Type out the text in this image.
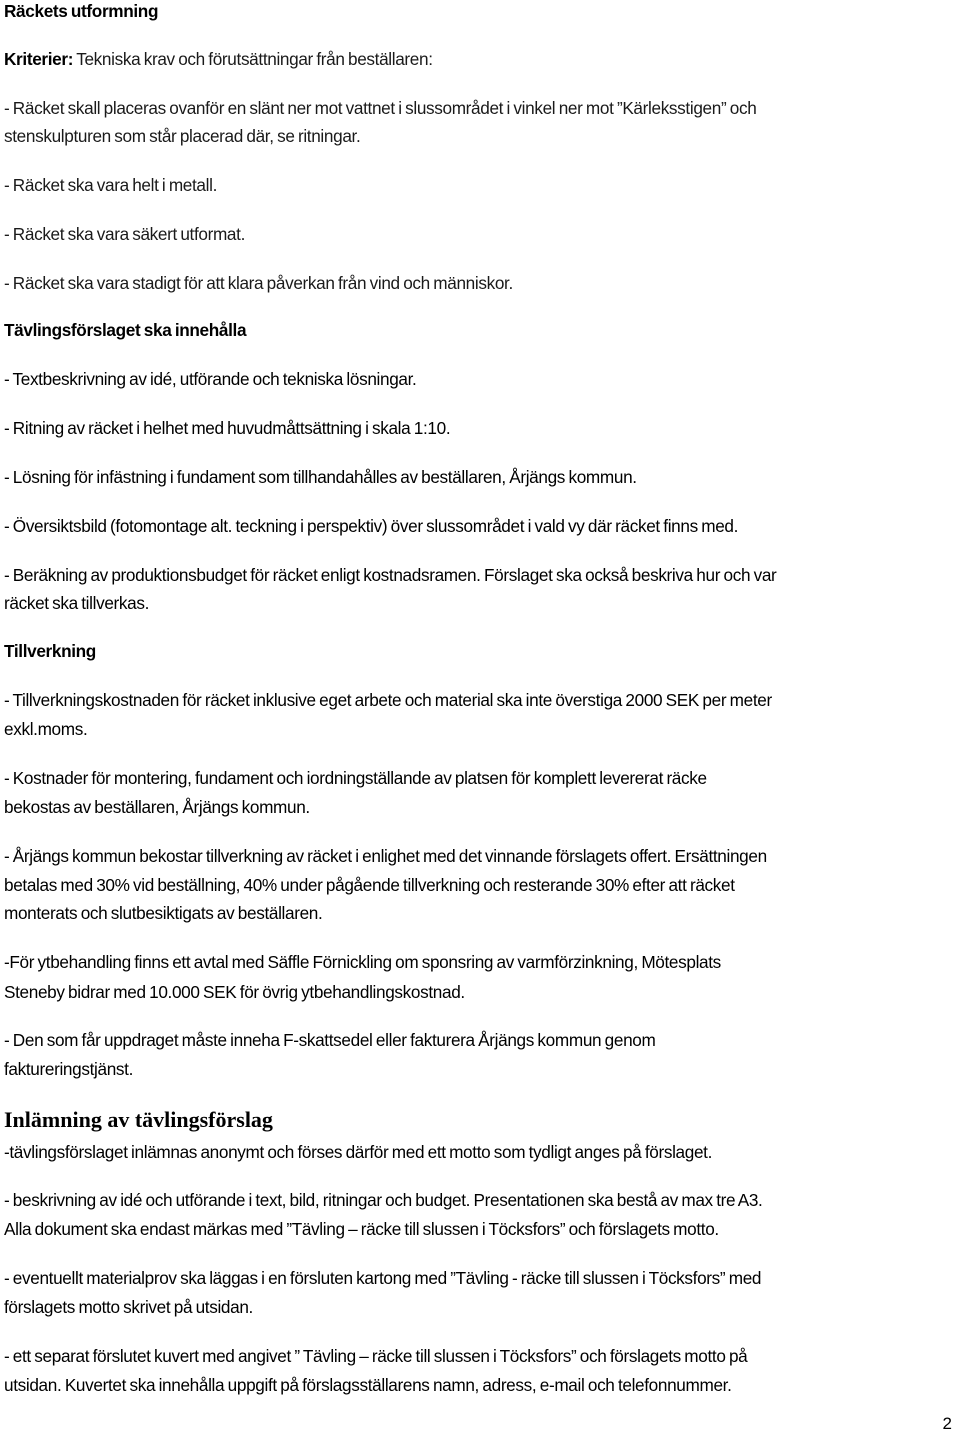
Räckets utformning
Kriterier: Tekniska krav och förutsättningar från beställaren:
- Räcket skall placeras ovanför en slänt ner mot vattnet i slussområdet i vinkel ner mot ”Kärleksstigen” och
stenskulpturen som står placerad där, se ritningar.
- Räcket ska vara helt i metall.
- Räcket ska vara säkert utformat.
- Räcket ska vara stadigt för att klara påverkan från vind och människor.
Tävlingsförslaget ska innehålla
- Textbeskrivning av idé, utförande och tekniska lösningar.
- Ritning av räcket i helhet med huvudmåttsättning i skala 1:10.
- Lösning för infästning i fundament som tillhandahålles av beställaren, Årjängs kommun.
- Översiktsbild (fotomontage alt. teckning i perspektiv) över slussområdet i vald vy där räcket finns med.
- Beräkning av produktionsbudget för räcket enligt kostnadsramen. Förslaget ska också beskriva hur och var
räcket ska tillverkas.
Tillverkning
- Tillverkningskostnaden för räcket inklusive eget arbete och material ska inte överstiga 2000 SEK per meter
exkl.moms.
- Kostnader för montering, fundament och iordningställande av platsen för komplett levererat räcke
bekostas av beställaren, Årjängs kommun.
- Årjängs kommun bekostar tillverkning av räcket i enlighet med det vinnande förslagets offert. Ersättningen
betalas med 30% vid beställning, 40% under pågående tillverkning och resterande 30% efter att räcket
monterats och slutbesiktigats av beställaren.
-För ytbehandling finns ett avtal med Säffle Förnickling om sponsring av varmförzinkning, Mötesplats
Steneby bidrar med 10.000 SEK för övrig ytbehandlingskostnad.
- Den som får uppdraget måste inneha F-skattsedel eller fakturera Årjängs kommun genom
faktureringstjänst.
Inlämning av tävlingsförslag
-tävlingsförslaget inlämnas anonymt och förses därför med ett motto som tydligt anges på förslaget.
- beskrivning av idé och utförande i text, bild, ritningar och budget. Presentationen ska bestå av max tre A3.
Alla dokument ska endast märkas med ”Tävling – räcke till slussen i Töcksfors” och förslagets motto.
- eventuellt materialprov ska läggas i en försluten kartong med ”Tävling - räcke till slussen i Töcksfors” med
förslagets motto skrivet på utsidan.
- ett separat förslutet kuvert med angivet ” Tävling – räcke till slussen i Töcksfors” och förslagets motto på
utsidan. Kuvertet ska innehålla uppgift på förslagsställarens namn, adress, e-mail och telefonnummer.
2
